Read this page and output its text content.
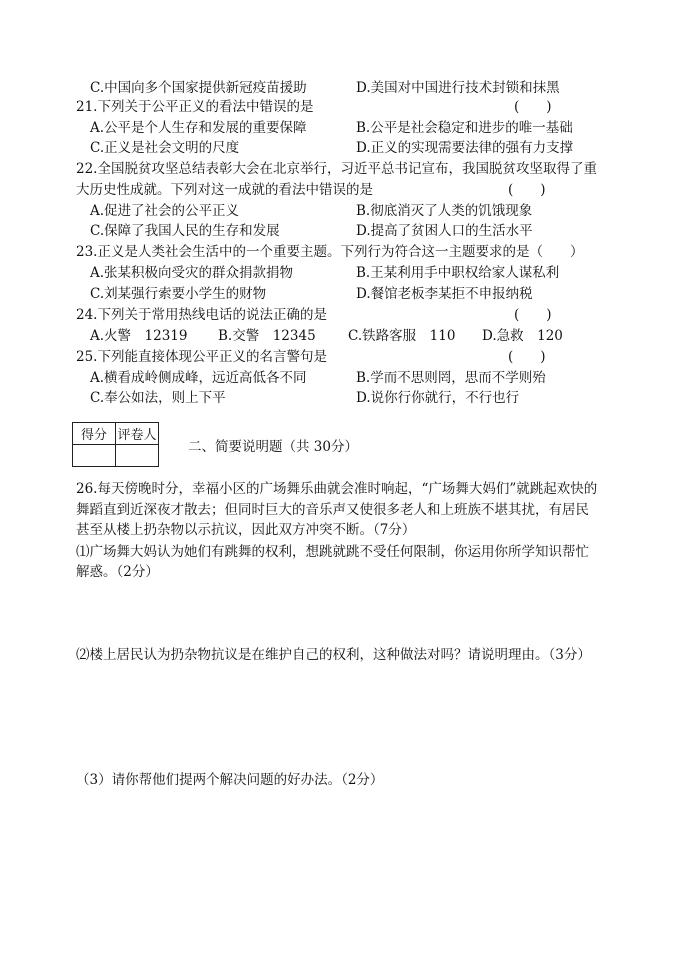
C.中国向多个国家提供新冠疫苗援助	D.美国对中国进行技术封锁和抹黑
21.下列关于公平正义的看法中错误的是	(　　)
A.公平是个人生存和发展的重要保障	B.公平是社会稳定和进步的唯一基础
C.正义是社会文明的尺度	D.正义的实现需要法律的强有力支撑
22.全国脱贫攻坚总结表彰大会在北京举行，习近平总书记宣布，我国脱贫攻坚取得了重
大历史性成就。下列对这一成就的看法中错误的是	(　　)
A.促进了社会的公平正义	B.彻底消灭了人类的饥饿现象
C.保障了我国人民的生存和发展	D.提高了贫困人口的生活水平
23.正义是人类社会生活中的一个重要主题。下列行为符合这一主题要求的是（　　）
A.张某积极向受灾的群众捐款捐物	B.王某利用手中职权给家人谋私利
C.刘某强行索要小学生的财物	D.餐馆老板李某拒不申报纳税
24.下列关于常用热线电话的说法正确的是	(　　)
A.火警　12319 B.交警　12345 C.铁路客服　110 D.急救　120
25.下列能直接体现公平正义的名言警句是	(　　)
A.横看成岭侧成峰，远近高低各不同	B.学而不思则罔，思而不学则殆
C.奉公如法，则上下平	D.说你行你就行，不行也行
得分	评卷人

二、简要说明题（共 30分）
26.每天傍晚时分，幸福小区的广场舞乐曲就会准时响起，“广场舞大妈们”就跳起欢快的
舞蹈直到近深夜才散去；但同时巨大的音乐声又使很多老人和上班族不堪其扰，有居民
甚至从楼上扔杂物以示抗议，因此双方冲突不断。（7分）
⑴广场舞大妈认为她们有跳舞的权利，想跳就跳不受任何限制，你运用你所学知识帮忙
解惑。（2分）
⑵楼上居民认为扔杂物抗议是在维护自己的权利，这种做法对吗？请说明理由。（3分）
（3）请你帮他们提两个解决问题的好办法。（2分）
